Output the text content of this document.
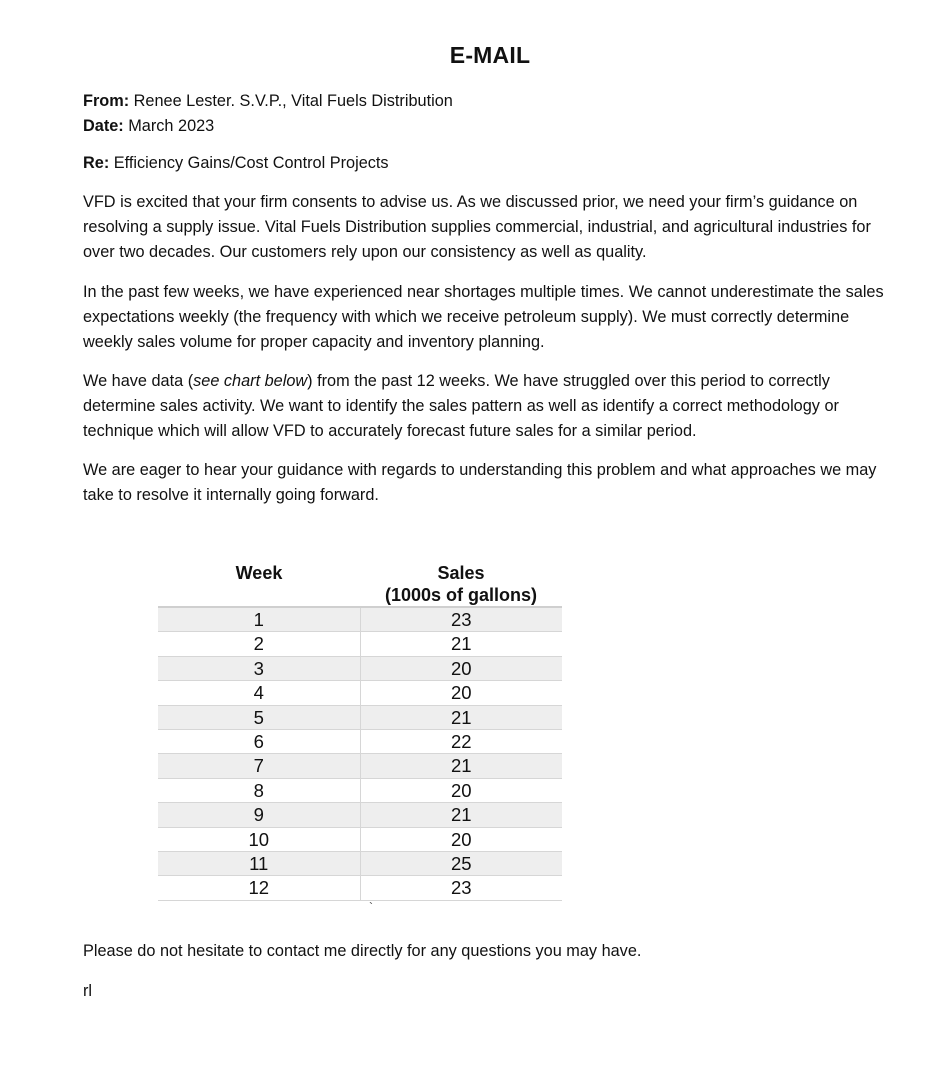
E-MAIL
From: Renee Lester. S.V.P., Vital Fuels Distribution
Date: March 2023
Re: Efficiency Gains/Cost Control Projects

VFD is excited that your firm consents to advise us. As we discussed prior, we need your firm’s guidance on resolving a supply issue. Vital Fuels Distribution supplies commercial, industrial, and agricultural industries for over two decades. Our customers rely upon our consistency as well as quality.

In the past few weeks, we have experienced near shortages multiple times. We cannot underestimate the sales expectations weekly (the frequency with which we receive petroleum supply). We must correctly determine weekly sales volume for proper capacity and inventory planning.

We have data (see chart below) from the past 12 weeks. We have struggled over this period to correctly determine sales activity. We want to identify the sales pattern as well as identify a correct methodology or technique which will allow VFD to accurately forecast future sales for a similar period.

We are eager to hear your guidance with regards to understanding this problem and what approaches we may take to resolve it internally going forward.

Week	Sales
(1000s of gallons)
1	23
2	21
3	20
4	20
5	21
6	22
7	21
8	20
9	21
10	20
11	25
12	23
`
Please do not hesitate to contact me directly for any questions you may have.
rl
